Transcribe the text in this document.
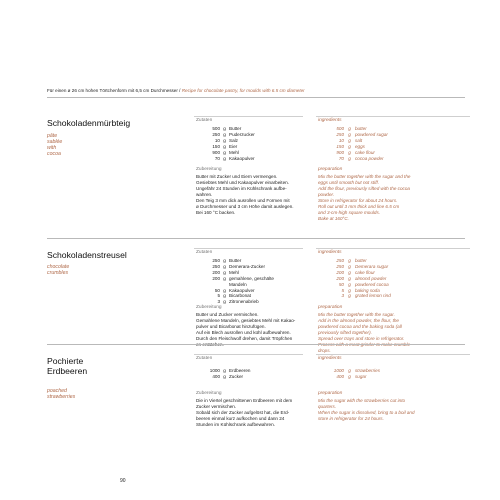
Für einen ø 26 cm hohen Törtchenform mit 6,5 cm Durchmesser / Recipe for chocolate pastry, for moulds with 6.5 cm diameter
Schokoladenmürbteig
pâte sablée with cocoa
Zutaten	ingredients
500 g Butter
250 g Puderzucker
10 g Salz
150 g Eier
900 g Mehl
70 g Kakaopulver
500 g butter
250 g powdered sugar
10 g salt
150 g eggs
900 g cake flour
70 g cocoa powder
Zubereitung	preparation
Butter mit Zucker und Eiern vermengen.
Gesiebtes Mehl und Kakaopulver einarbeiten.
Ungefähr 24 Stunden im Kühlschrank aufbe-
wahren.
Den Teig 3 mm dick ausrollen und Formen mit
ø Durchmesser und 3 cm Höhe damit auslegen.
Bei 160 °C backen.
Mix the butter together with the sugar and the
eggs until smooth but not stiff.
Add the flour, previously sifted with the cocoa
powder.
Store in refrigerator for about 24 hours.
Roll out until 3 mm thick and line 6.5 cm
and 3-cm-high square moulds.
Bake at 160°C.
Schokoladenstreusel
chocolate crumbles
Zutaten	ingredients
250 g Butter
250 g Demerara-Zucker
200 g Mehl
200 g gemahlene, geschälte
Mandeln
50 g Kakaopulver
5 g Bicarbonat
3 g Zitronenabrieb
250 g butter
250 g Demerara sugar
200 g cake flour
200 g almond powder
50 g powdered cocoa
5 g baking soda
3 g grated lemon rind
Zubereitung	preparation
Butter und Zucker vermischen.
Gemahlene Mandeln, gesiebtes Mehl mit Kakao-
pulver und Bicarbonat hinzufügen.
Auf ein Blech ausrollen und kühl aufbewahren.
Durch den Fleischwolf drehen, damit Tröpfchen
en entstehen.
Mix the butter together with the sugar.
Add in the almond powder, the flour, the
powdered cocoa and the baking soda (all
previously sifted together).
Spread over trays and store in refrigerator.
Process with a meat grinder to make crumble
drops.
Pochierte
Erdbeeren
poached strawberries
Zutaten	ingredients
1000 g Erdbeeren
400 g Zucker
1000 g strawberries
400 g sugar
Zubereitung	preparation
Die in Viertel geschnittenen Erdbeeren mit dem
Zucker vermischen.
Sobald sich der Zucker aufgelöst hat, die Erd-
beeren einmal kurz aufkochen und dann 24
Stunden im Kühlschrank aufbewahren.
Mix the sugar with the strawberries cut into
quarters.
When the sugar is dissolved, bring to a boil and
store in refrigerator for 24 hours.
90
